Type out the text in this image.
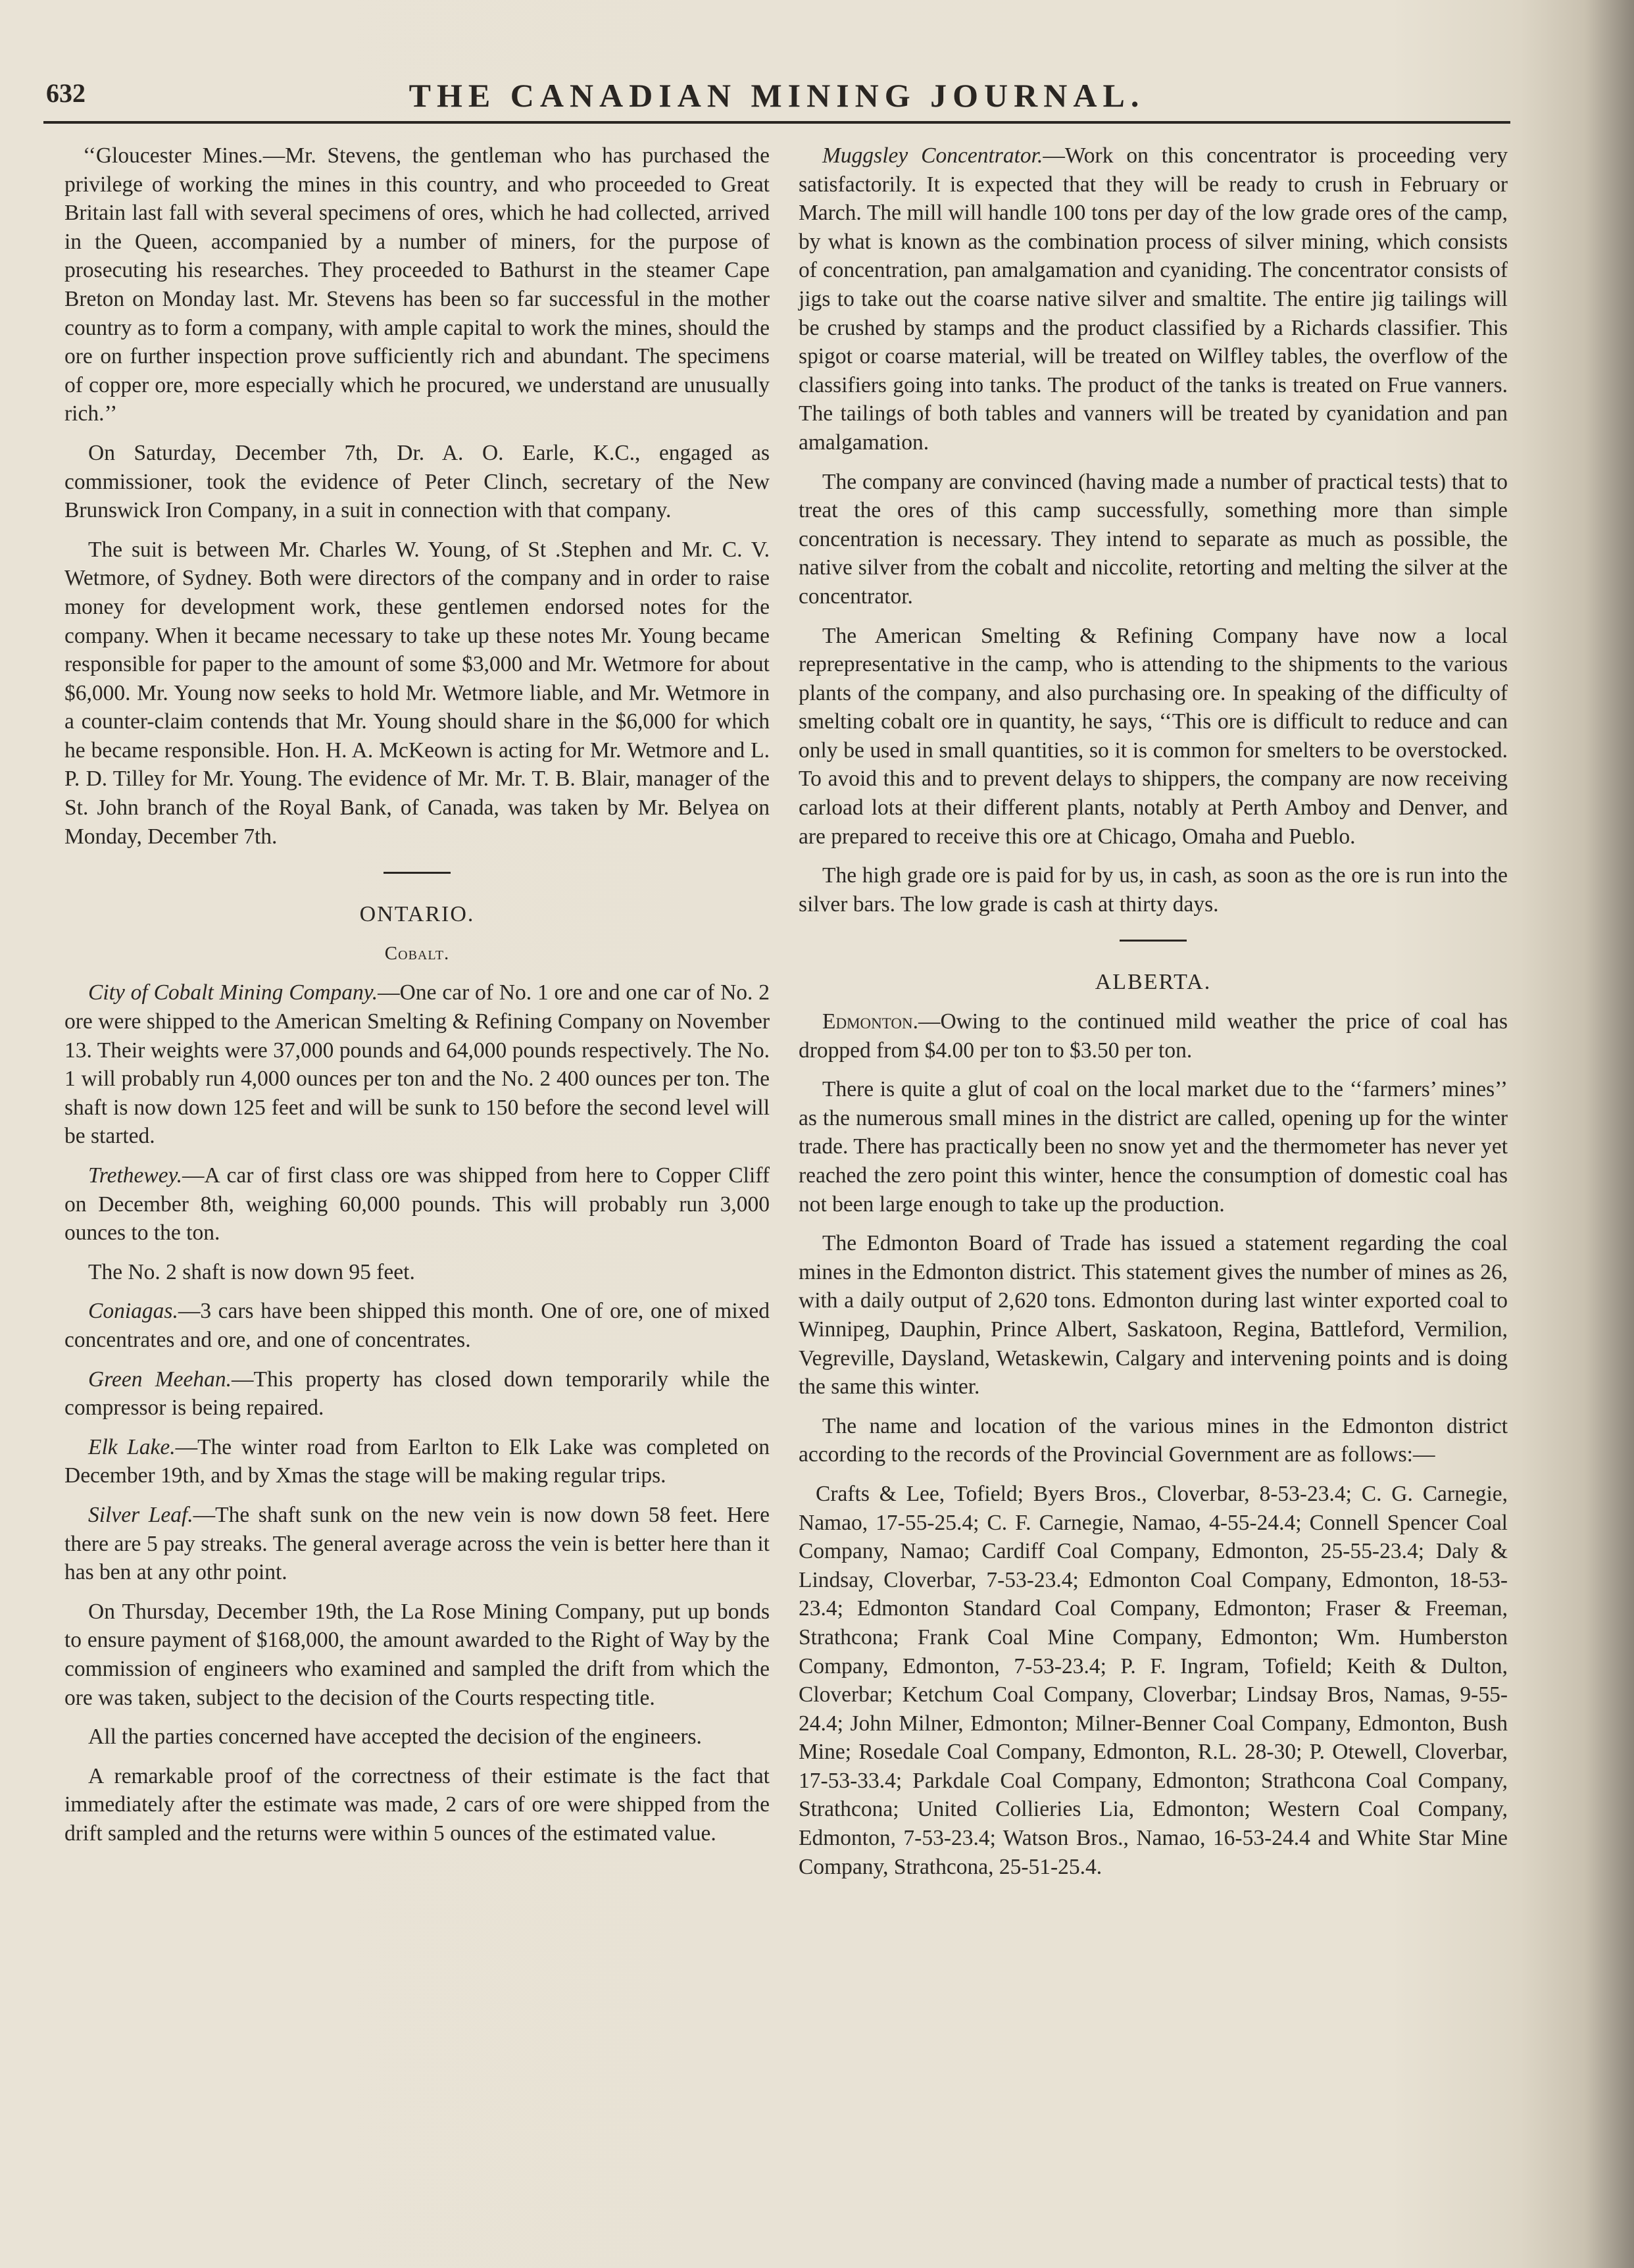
632	THE CANADIAN MINING JOURNAL.

‘‘Gloucester Mines.—Mr. Stevens, the gentleman who has purchased the privilege of working the mines in this country, and who proceeded to Great Britain last fall with several specimens of ores, which he had collected, arrived in the Queen, accompanied by a number of miners, for the purpose of prosecuting his researches. They proceeded to Bathurst in the steamer Cape Breton on Monday last. Mr. Stevens has been so far successful in the mother country as to form a company, with ample capital to work the mines, should the ore on further inspection prove sufficiently rich and abundant. The specimens of copper ore, more especially which he procured, we understand are unusually rich.’’

On Saturday, December 7th, Dr. A. O. Earle, K.C., engaged as commissioner, took the evidence of Peter Clinch, secretary of the New Brunswick Iron Company, in a suit in connection with that company.

The suit is between Mr. Charles W. Young, of St .Stephen and Mr. C. V. Wetmore, of Sydney. Both were directors of the company and in order to raise money for development work, these gentlemen endorsed notes for the company. When it became necessary to take up these notes Mr. Young became responsible for paper to the amount of some $3,000 and Mr. Wetmore for about $6,000. Mr. Young now seeks to hold Mr. Wetmore liable, and Mr. Wetmore in a counter-claim contends that Mr. Young should share in the $6,000 for which he became responsible. Hon. H. A. McKeown is acting for Mr. Wetmore and L. P. D. Tilley for Mr. Young. The evidence of Mr. Mr. T. B. Blair, manager of the St. John branch of the Royal Bank, of Canada, was taken by Mr. Belyea on Monday, December 7th.

ONTARIO.
Cobalt.

City of Cobalt Mining Company.—One car of No. 1 ore and one car of No. 2 ore were shipped to the American Smelting & Refining Company on November 13. Their weights were 37,000 pounds and 64,000 pounds respectively. The No. 1 will probably run 4,000 ounces per ton and the No. 2 400 ounces per ton. The shaft is now down 125 feet and will be sunk to 150 before the second level will be started.

Trethewey.—A car of first class ore was shipped from here to Copper Cliff on December 8th, weighing 60,000 pounds. This will probably run 3,000 ounces to the ton.

The No. 2 shaft is now down 95 feet.

Coniagas.—3 cars have been shipped this month. One of ore, one of mixed concentrates and ore, and one of concentrates.

Green Meehan.—This property has closed down temporarily while the compressor is being repaired.

Elk Lake.—The winter road from Earlton to Elk Lake was completed on December 19th, and by Xmas the stage will be making regular trips.

Silver Leaf.—The shaft sunk on the new vein is now down 58 feet. Here there are 5 pay streaks. The general average across the vein is better here than it has ben at any othr point.

On Thursday, December 19th, the La Rose Mining Company, put up bonds to ensure payment of $168,000, the amount awarded to the Right of Way by the commission of engineers who examined and sampled the drift from which the ore was taken, subject to the decision of the Courts respecting title.

All the parties concerned have accepted the decision of the engineers.

A remarkable proof of the correctness of their estimate is the fact that immediately after the estimate was made, 2 cars of ore were shipped from the drift sampled and the returns were within 5 ounces of the estimated value.

Muggsley Concentrator.—Work on this concentrator is proceeding very satisfactorily. It is expected that they will be ready to crush in February or March. The mill will handle 100 tons per day of the low grade ores of the camp, by what is known as the combination process of silver mining, which consists of concentration, pan amalgamation and cyaniding. The concentrator consists of jigs to take out the coarse native silver and smaltite. The entire jig tailings will be crushed by stamps and the product classified by a Richards classifier. This spigot or coarse material, will be treated on Wilfley tables, the overflow of the classifiers going into tanks. The product of the tanks is treated on Frue vanners. The tailings of both tables and vanners will be treated by cyanidation and pan amalgamation.

The company are convinced (having made a number of practical tests) that to treat the ores of this camp successfully, something more than simple concentration is necessary. They intend to separate as much as possible, the native silver from the cobalt and niccolite, retorting and melting the silver at the concentrator.

The American Smelting & Refining Company have now a local reprepresentative in the camp, who is attending to the shipments to the various plants of the company, and also purchasing ore. In speaking of the difficulty of smelting cobalt ore in quantity, he says, ‘‘This ore is difficult to reduce and can only be used in small quantities, so it is common for smelters to be overstocked. To avoid this and to prevent delays to shippers, the company are now receiving carload lots at their different plants, notably at Perth Amboy and Denver, and are prepared to receive this ore at Chicago, Omaha and Pueblo.

The high grade ore is paid for by us, in cash, as soon as the ore is run into the silver bars. The low grade is cash at thirty days.

ALBERTA.

Edmonton.—Owing to the continued mild weather the price of coal has dropped from $4.00 per ton to $3.50 per ton.

There is quite a glut of coal on the local market due to the ‘‘farmers’ mines’’ as the numerous small mines in the district are called, opening up for the winter trade. There has practically been no snow yet and the thermometer has never yet reached the zero point this winter, hence the consumption of domestic coal has not been large enough to take up the production.

The Edmonton Board of Trade has issued a statement regarding the coal mines in the Edmonton district. This statement gives the number of mines as 26, with a daily output of 2,620 tons. Edmonton during last winter exported coal to Winnipeg, Dauphin, Prince Albert, Saskatoon, Regina, Battleford, Vermilion, Vegreville, Daysland, Wetaskewin, Calgary and intervening points and is doing the same this winter.

The name and location of the various mines in the Edmonton district according to the records of the Provincial Government are as follows:—

Crafts & Lee, Tofield; Byers Bros., Cloverbar, 8-53-23.4; C. G. Carnegie, Namao, 17-55-25.4; C. F. Carnegie, Namao, 4-55-24.4; Connell Spencer Coal Company, Namao; Cardiff Coal Company, Edmonton, 25-55-23.4; Daly & Lindsay, Cloverbar, 7-53-23.4; Edmonton Coal Company, Edmonton, 18-53-23.4; Edmonton Standard Coal Company, Edmonton; Fraser & Freeman, Strathcona; Frank Coal Mine Company, Edmonton; Wm. Humberston Company, Edmonton, 7-53-23.4; P. F. Ingram, Tofield; Keith & Dulton, Cloverbar; Ketchum Coal Company, Cloverbar; Lindsay Bros, Namas, 9-55-24.4; John Milner, Edmonton; Milner-Benner Coal Company, Edmonton, Bush Mine; Rosedale Coal Company, Edmonton, R.L. 28-30; P. Otewell, Cloverbar, 17-53-33.4; Parkdale Coal Company, Edmonton; Strathcona Coal Company, Strathcona; United Collieries Lia, Edmonton; Western Coal Company, Edmonton, 7-53-23.4; Watson Bros., Namao, 16-53-24.4 and White Star Mine Company, Strathcona, 25-51-25.4.
